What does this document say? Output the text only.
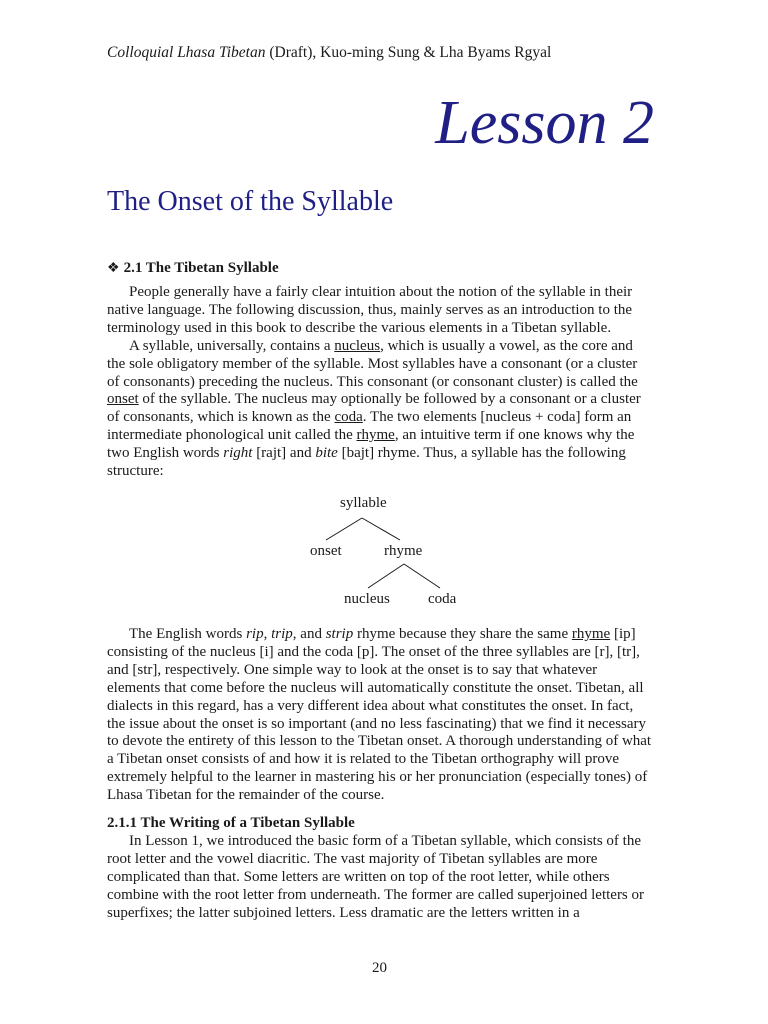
Colloquial Lhasa Tibetan (Draft), Kuo-ming Sung & Lha Byams Rgyal
Lesson 2
The Onset of the Syllable
❖ 2.1 The Tibetan Syllable

People generally have a fairly clear intuition about the notion of the syllable in their native language. The following discussion, thus, mainly serves as an introduction to the terminology used in this book to describe the various elements in a Tibetan syllable.

A syllable, universally, contains a nucleus, which is usually a vowel, as the core and the sole obligatory member of the syllable. Most syllables have a consonant (or a cluster of consonants) preceding the nucleus. This consonant (or consonant cluster) is called the onset of the syllable. The nucleus may optionally be followed by a consonant or a cluster of consonants, which is known as the coda. The two elements [nucleus + coda] form an intermediate phonological unit called the rhyme, an intuitive term if one knows why the two English words right [rajt] and bite [bajt] rhyme. Thus, a syllable has the following structure:

syllable
onset	rhyme
nucleus	coda

The English words rip, trip, and strip rhyme because they share the same rhyme [ip] consisting of the nucleus [i] and the coda [p]. The onset of the three syllables are [r], [tr], and [str], respectively. One simple way to look at the onset is to say that whatever elements that come before the nucleus will automatically constitute the onset. Tibetan, all dialects in this regard, has a very different idea about what constitutes the onset. In fact, the issue about the onset is so important (and no less fascinating) that we find it necessary to devote the entirety of this lesson to the Tibetan onset. A thorough understanding of what a Tibetan onset consists of and how it is related to the Tibetan orthography will prove extremely helpful to the learner in mastering his or her pronunciation (especially tones) of Lhasa Tibetan for the remainder of the course.

2.1.1 The Writing of a Tibetan Syllable

In Lesson 1, we introduced the basic form of a Tibetan syllable, which consists of the root letter and the vowel diacritic. The vast majority of Tibetan syllables are more complicated than that. Some letters are written on top of the root letter, while others combine with the root letter from underneath. The former are called superjoined letters or superfixes; the latter subjoined letters. Less dramatic are the letters written in a

20
